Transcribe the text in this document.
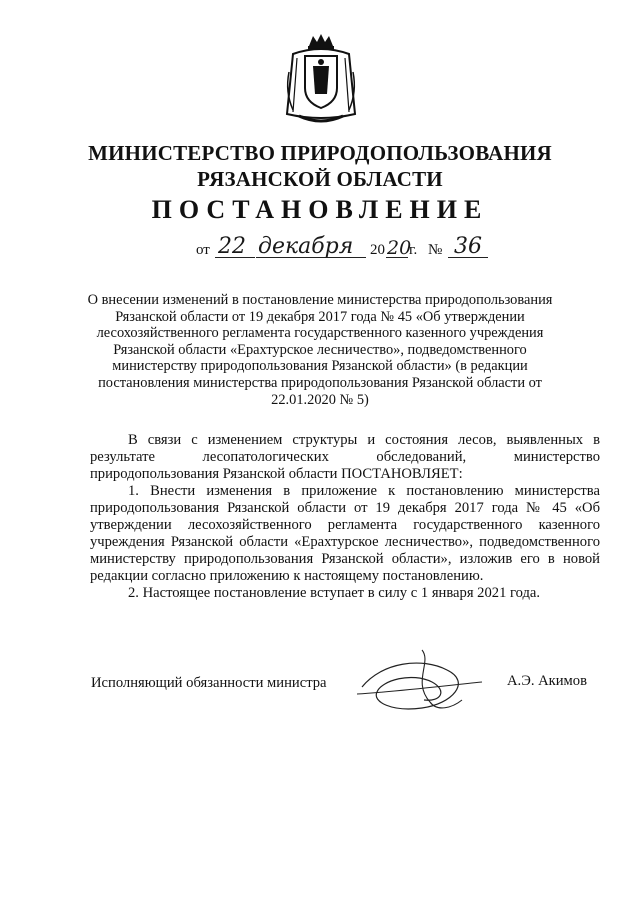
МИНИСТЕРСТВО ПРИРОДОПОЛЬЗОВАНИЯ
РЯЗАНСКОЙ ОБЛАСТИ
ПОСТАНОВЛЕНИЕ
от 22 декабря 20 20
г. № 36
О внесении изменений в постановление министерства природопользования Рязанской области от 19 декабря 2017 года № 45 «Об утверждении лесохозяйственного регламента государственного казенного учреждения Рязанской области «Ерахтурское лесничество», подведомственного министерству природопользования Рязанской области» (в редакции постановления министерства природопользования Рязанской области от 22.01.2020 № 5)

В связи с изменением структуры и состояния лесов, выявленных в результате лесопатологических обследований, министерство природопользования Рязанской области ПОСТАНОВЛЯЕТ:

1. Внести изменения в приложение к постановлению министерства природопользования Рязанской области от 19 декабря 2017 года № 45 «Об утверждении лесохозяйственного регламента государственного казенного учреждения Рязанской области «Ерахтурское лесничество», подведомственного министерству природопользования Рязанской области», изложив его в новой редакции согласно приложению к настоящему постановлению.

2. Настоящее постановление вступает в силу с 1 января 2021 года.

Исполняющий обязанности министра	А.Э. Акимов
